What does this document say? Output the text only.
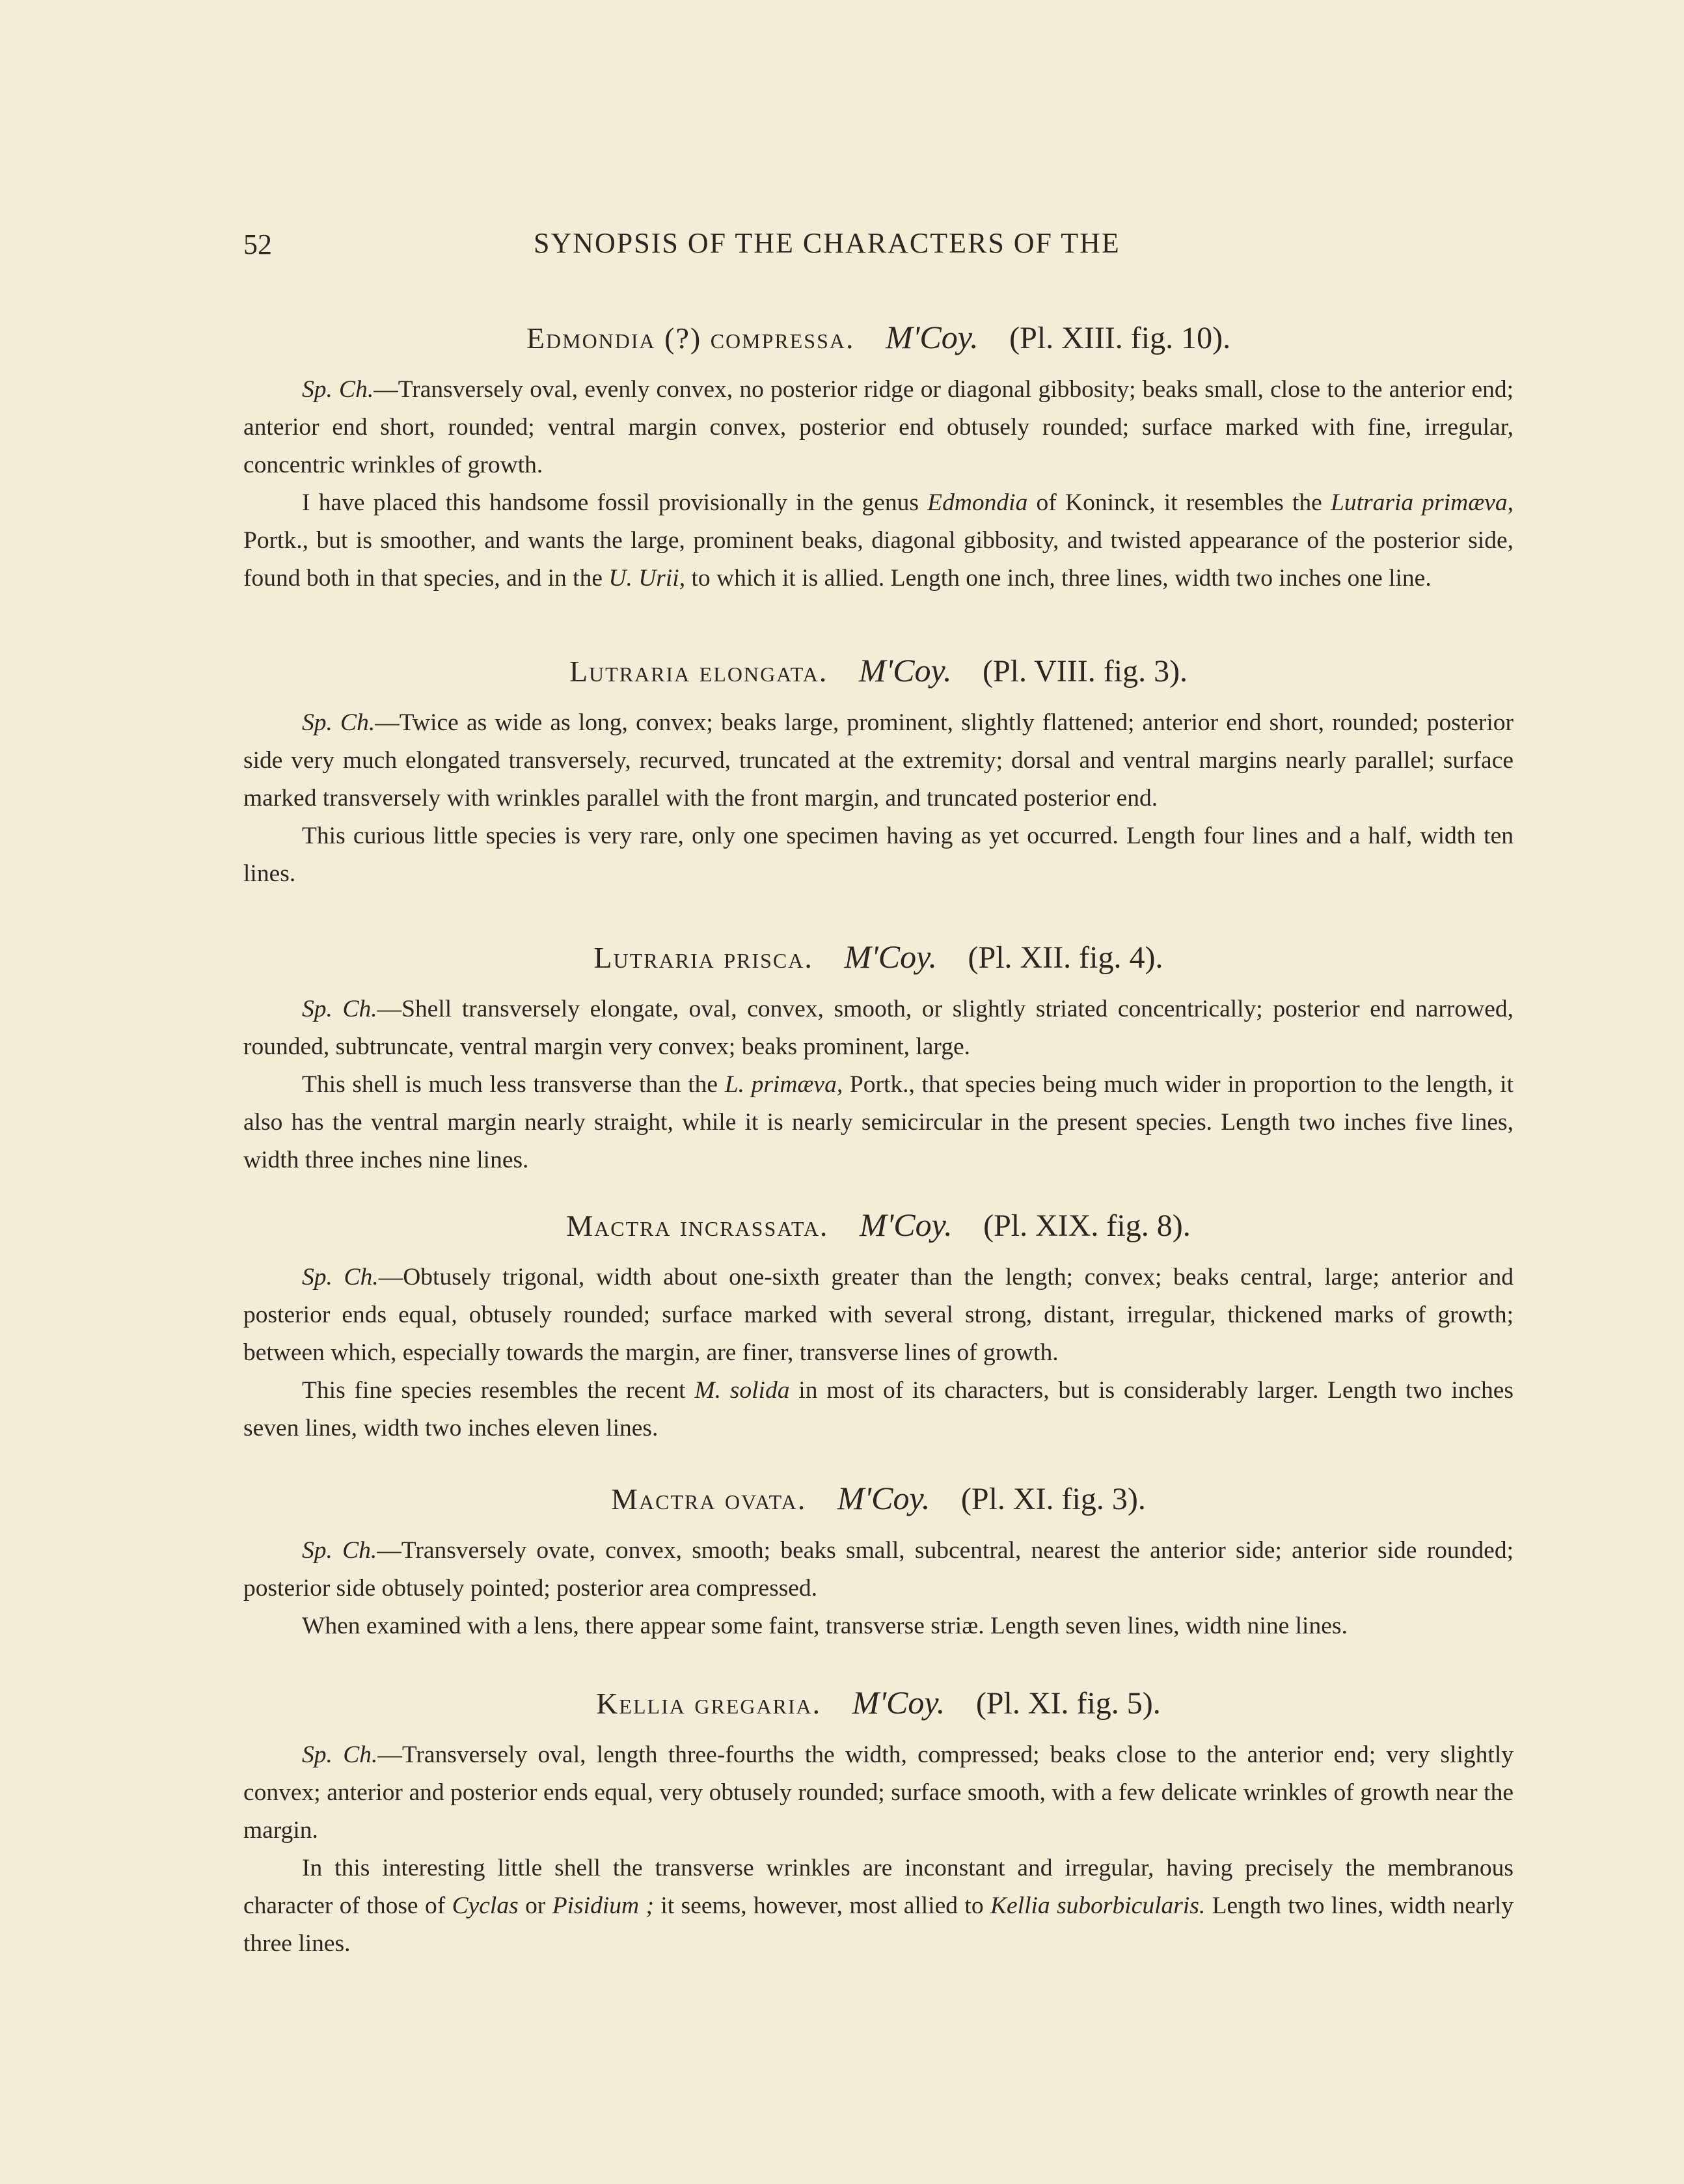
52	SYNOPSIS OF THE CHARACTERS OF THE
Edmondia (?) compressa. M'Coy. (Pl. XIII. fig. 10).

Sp. Ch.—Transversely oval, evenly convex, no posterior ridge or diagonal gibbosity; beaks small, close to the anterior end; anterior end short, rounded; ventral margin convex, posterior end obtusely rounded; surface marked with fine, irregular, concentric wrinkles of growth.

I have placed this handsome fossil provisionally in the genus Edmondia of Koninck, it resembles the Lutraria primæva, Portk., but is smoother, and wants the large, prominent beaks, diagonal gibbosity, and twisted appearance of the posterior side, found both in that species, and in the U. Urii, to which it is allied. Length one inch, three lines, width two inches one line.

Lutraria elongata. M'Coy. (Pl. VIII. fig. 3).

Sp. Ch.—Twice as wide as long, convex; beaks large, prominent, slightly flattened; anterior end short, rounded; posterior side very much elongated transversely, recurved, truncated at the extremity; dorsal and ventral margins nearly parallel; surface marked transversely with wrinkles parallel with the front margin, and truncated posterior end.

This curious little species is very rare, only one specimen having as yet occurred. Length four lines and a half, width ten lines.

Lutraria prisca. M'Coy. (Pl. XII. fig. 4).

Sp. Ch.—Shell transversely elongate, oval, convex, smooth, or slightly striated concentrically; posterior end narrowed, rounded, subtruncate, ventral margin very convex; beaks prominent, large.

This shell is much less transverse than the L. primæva, Portk., that species being much wider in proportion to the length, it also has the ventral margin nearly straight, while it is nearly semicircular in the present species. Length two inches five lines, width three inches nine lines.

Mactra incrassata. M'Coy. (Pl. XIX. fig. 8).

Sp. Ch.—Obtusely trigonal, width about one-sixth greater than the length; convex; beaks central, large; anterior and posterior ends equal, obtusely rounded; surface marked with several strong, distant, irregular, thickened marks of growth; between which, especially towards the margin, are finer, transverse lines of growth.

This fine species resembles the recent M. solida in most of its characters, but is considerably larger. Length two inches seven lines, width two inches eleven lines.

Mactra ovata. M'Coy. (Pl. XI. fig. 3).

Sp. Ch.—Transversely ovate, convex, smooth; beaks small, subcentral, nearest the anterior side; anterior side rounded; posterior side obtusely pointed; posterior area compressed.

When examined with a lens, there appear some faint, transverse striæ. Length seven lines, width nine lines.

Kellia gregaria. M'Coy. (Pl. XI. fig. 5).

Sp. Ch.—Transversely oval, length three-fourths the width, compressed; beaks close to the anterior end; very slightly convex; anterior and posterior ends equal, very obtusely rounded; surface smooth, with a few delicate wrinkles of growth near the margin.

In this interesting little shell the transverse wrinkles are inconstant and irregular, having precisely the membranous character of those of Cyclas or Pisidium ; it seems, however, most allied to Kellia suborbicularis. Length two lines, width nearly three lines.
